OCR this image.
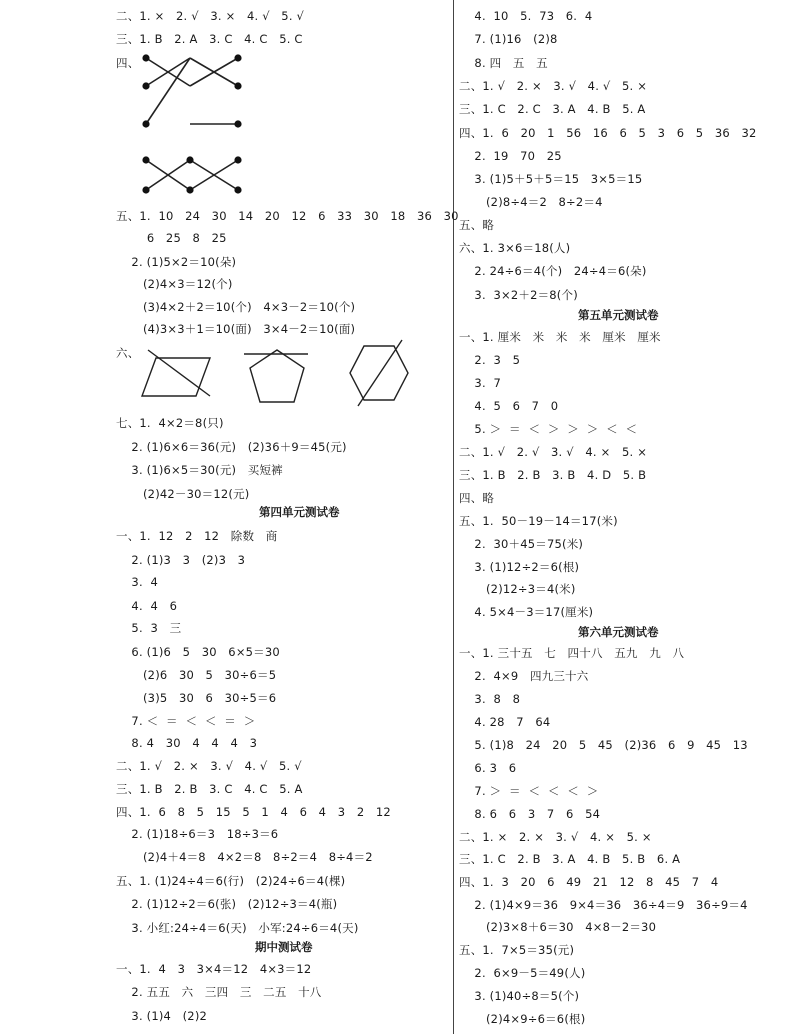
二、1. ×   2. √   3. ×   4. √   5. √
三、1. B   2. A   3. C   4. C   5. C
四、
五、1.  10   24   30   14   20   12   6   33   30   18   36   30
6   25   8   25
2. (1)5×2＝10(朵)
(2)4×3＝12(个)
(3)4×2＋2＝10(个)   4×3－2＝10(个)
(4)3×3＋1＝10(面)   3×4－2＝10(面)
六、
七、1.  4×2＝8(只)
2. (1)6×6＝36(元)   (2)36＋9＝45(元)
3. (1)6×5＝30(元)   买短裤
(2)42－30＝12(元)
一、1.  12   2   12   除数   商
2. (1)3   3   (2)3   3
3.  4
4.  4   6
5.  3   三
6. (1)6   5   30   6×5＝30
(2)6   30   5   30÷6＝5
(3)5   30   6   30÷5＝6
7. ＜  ＝  ＜  ＜  ＝  ＞
8. 4   30   4   4   4   3
二、1. √   2. ×   3. √   4. √   5. √
三、1. B   2. B   3. C   4. C   5. A
四、1.  6   8   5   15   5   1   4   6   4   3   2   12
2. (1)18÷6＝3   18÷3＝6
(2)4＋4＝8   4×2＝8   8÷2＝4   8÷4＝2
五、1. (1)24÷4＝6(行)   (2)24÷6＝4(棵)
2. (1)12÷2＝6(张)   (2)12÷3＝4(瓶)
3. 小红:24÷4＝6(天)   小军:24÷6＝4(天)
一、1.  4   3   3×4＝12   4×3＝12
2. 五五   六   三四   三   二五   十八
3. (1)4   (2)2
第四单元测试卷
期中测试卷
4.  10   5.  73   6.  4
7. (1)16   (2)8
8. 四   五   五
二、1. √   2. ×   3. √   4. √   5. ×
三、1. C   2. C   3. A   4. B   5. A
四、1.  6   20   1   56   16   6   5   3   6   5   36   32
2.  19   70   25
3. (1)5＋5＋5＝15   3×5＝15
(2)8÷4＝2   8÷2＝4
五、略
六、1. 3×6＝18(人)
2. 24÷6＝4(个)   24÷4＝6(朵)
3.  3×2＋2＝8(个)
一、1. 厘米   米   米   米   厘米   厘米
2.  3   5
3.  7
4.  5   6   7   0
5. ＞  ＝  ＜  ＞  ＞  ＞  ＜  ＜
二、1. √   2. √   3. √   4. ×   5. ×
三、1. B   2. B   3. B   4. D   5. B
四、略
五、1.  50－19－14＝17(米)
2.  30＋45＝75(米)
3. (1)12÷2＝6(根)
(2)12÷3＝4(米)
4. 5×4－3＝17(厘米)
一、1. 三十五   七   四十八   五九   九   八
2.  4×9   四九三十六
3.  8   8
4. 28   7   64
5. (1)8   24   20   5   45   (2)36   6   9   45   13
6. 3   6
7. ＞  ＝  ＜  ＜  ＜  ＞
8. 6   6   3   7   6   54
二、1. ×   2. ×   3. √   4. ×   5. ×
三、1. C   2. B   3. A   4. B   5. B   6. A
四、1.  3   20   6   49   21   12   8   45   7   4
2. (1)4×9＝36   9×4＝36   36÷4＝9   36÷9＝4
(2)3×8＋6＝30   4×8－2＝30
五、1.  7×5＝35(元)
2.  6×9－5＝49(人)
3. (1)40÷8＝5(个)
(2)4×9÷6＝6(根)
第五单元测试卷
第六单元测试卷
